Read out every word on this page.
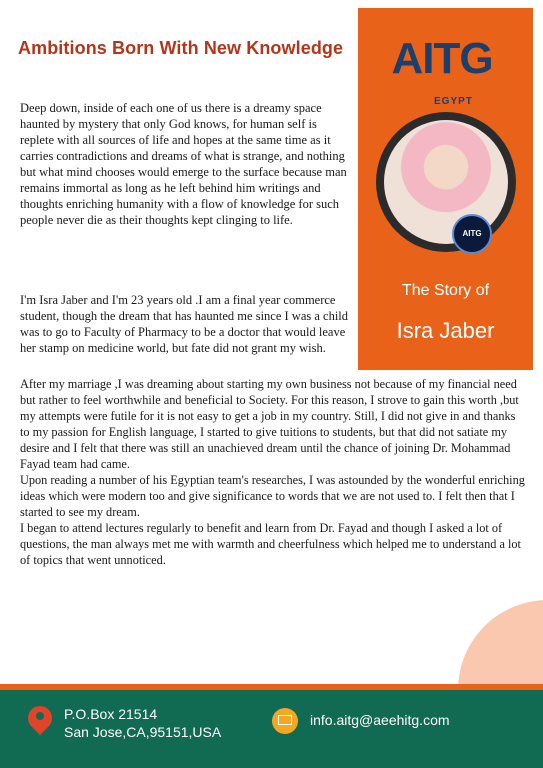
Ambitions Born With New Knowledge	AITG
EGYPT
AITG
The Story of
Isra Jaber

Deep down, inside of each one of us there is a dreamy space haunted by mystery that only God knows, for human self is replete with all sources of life and hopes at the same time as it carries contradictions and dreams of what is strange, and nothing but what mind chooses would emerge to the surface because man remains immortal as long as he left behind him writings and thoughts enriching humanity with a flow of knowledge for such people never die as their thoughts kept clinging to life.

I'm Isra Jaber and I'm 23 years old .I am a final year commerce student, though the dream that has haunted me since I was a child was to go to Faculty of Pharmacy to be a doctor that would leave her stamp on medicine world, but fate did not grant my wish.

After my marriage ,I was dreaming about starting my own business not because of my financial need but rather to feel worthwhile and beneficial to Society. For this reason, I strove to gain this worth ,but my attempts were futile for it is not easy to get a job in my country. Still, I did not give in and thanks to my passion for English language, I started to give tuitions to students, but that did not satiate my desire and I felt that there was still an unachieved dream until the chance of joining Dr. Mohammad Fayad team had came.
Upon reading a number of his Egyptian team's researches, I was astounded by the wonderful enriching ideas which were modern too and give significance to words that we are not used to. I felt then that I started to see my dream.
I began to attend lectures regularly to benefit and learn from Dr. Fayad and though I asked a lot of questions, the man always met me with warmth and cheerfulness which helped me to understand a lot of topics that went unnoticed.
P.O.Box 21514
San Jose,CA,95151,USA
info.aitg@aeehitg.com
